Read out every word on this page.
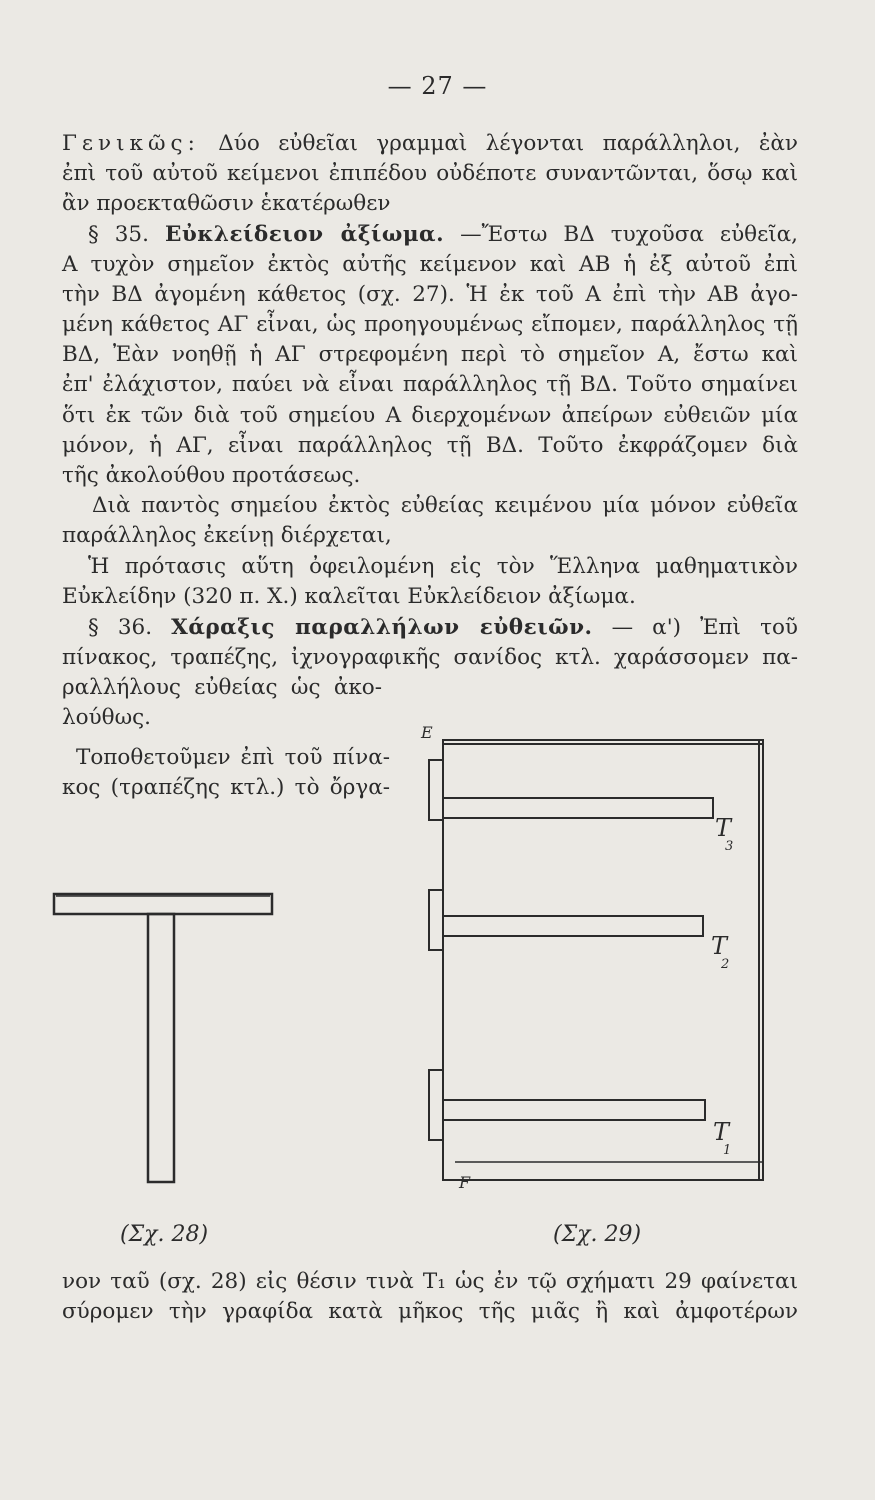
— 27 —
Γενικῶς: Δύο εὐθεῖαι γραμμαὶ λέγονται παράλληλοι, ἐὰν
ἐπὶ τοῦ αὐτοῦ κείμενοι ἐπιπέδου οὐδέποτε συναντῶνται, ὅσῳ καὶ
ἂν προεκταθῶσιν ἑκατέρωθεν
§ 35. Εὐκλείδειον ἀξίωμα. —Ἔστω ΒΔ τυχοῦσα εὐθεῖα,
Α τυχὸν σημεῖον ἐκτὸς αὐτῆς κείμενον καὶ ΑΒ ἡ ἐξ αὐτοῦ ἐπὶ
τὴν ΒΔ ἀγομένη κάθετος (σχ. 27). Ἡ ἐκ τοῦ Α ἐπὶ τὴν ΑΒ ἀγο-
μένη κάθετος ΑΓ εἶναι, ὡς προηγουμένως εἴπομεν, παράλληλος τῇ
ΒΔ, Ἐὰν νοηθῇ ἡ ΑΓ στρεφομένη περὶ τὸ σημεῖον Α, ἔστω καὶ
ἐπ' ἐλάχιστον, παύει νὰ εἶναι παράλληλος τῇ ΒΔ. Τοῦτο σημαίνει
ὅτι ἐκ τῶν διὰ τοῦ σημείου Α διερχομένων ἀπείρων εὐθειῶν μία
μόνον, ἡ ΑΓ, εἶναι παράλληλος τῇ ΒΔ. Τοῦτο ἐκφράζομεν διὰ
τῆς ἀκολούθου προτάσεως.
Διὰ παντὸς σημείου ἐκτὸς εὐθείας κειμένου μία μόνον εὐθεῖα
παράλληλος ἐκείνῃ διέρχεται,
Ἡ πρότασις αὕτη ὀφειλομένη εἰς τὸν Ἕλληνα μαθηματικὸν
Εὐκλείδην (320 π. Χ.) καλεῖται Εὐκλείδειον ἀξίωμα.
§ 36. Χάραξις παραλλήλων εὐθειῶν. — α') Ἐπὶ τοῦ
πίνακος, τραπέζης, ἰχνογραφικῆς σανίδος κτλ. χαράσσομεν πα-
ραλλήλους εὐθείας ὡς ἀκο-
λούθως.
Τοποθετοῦμεν ἐπὶ τοῦ πίνα-
κος (τραπέζης κτλ.) τὸ ὄργα-
Ε
F
Τ
3
Τ
2
Τ
1
(Σχ. 28)	(Σχ. 29)
νον ταῦ (σχ. 28) εἰς θέσιν τινὰ Τ₁ ὡς ἐν τῷ σχήματι 29 φαίνεται
σύρομεν τὴν γραφίδα κατὰ μῆκος τῆς μιᾶς ἢ καὶ ἀμφοτέρων
